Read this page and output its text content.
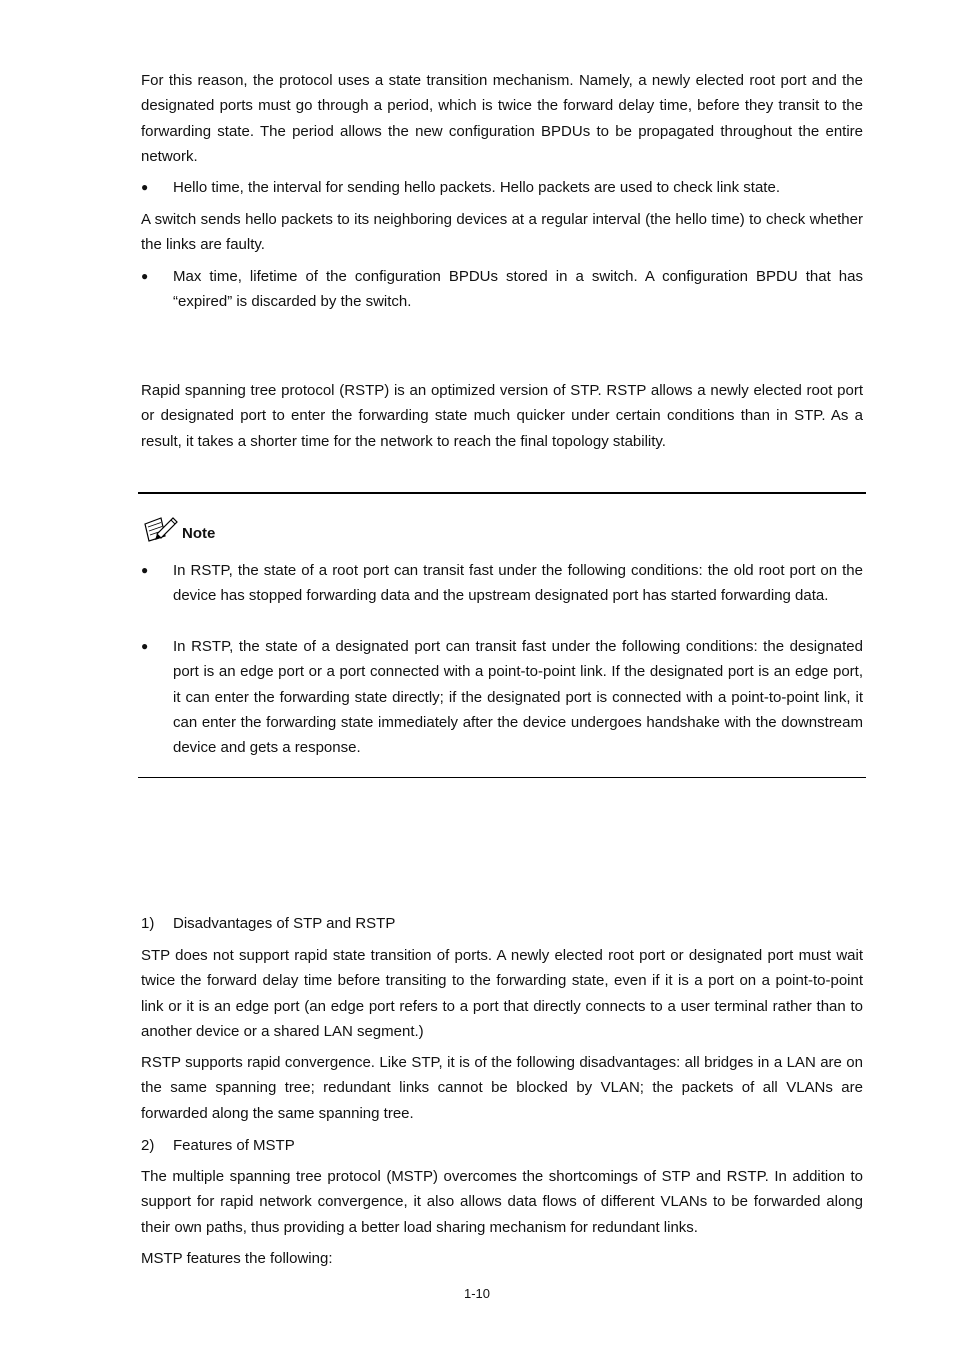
For this reason, the protocol uses a state transition mechanism. Namely, a newly elected root port and the designated ports must go through a period, which is twice the forward delay time, before they transit to the forwarding state. The period allows the new configuration BPDUs to be propagated throughout the entire network.

● Hello time, the interval for sending hello packets. Hello packets are used to check link state.

A switch sends hello packets to its neighboring devices at a regular interval (the hello time) to check whether the links are faulty.

● Max time, lifetime of the configuration BPDUs stored in a switch. A configuration BPDU that has “expired” is discarded by the switch.

Rapid spanning tree protocol (RSTP) is an optimized version of STP. RSTP allows a newly elected root port or designated port to enter the forwarding state much quicker under certain conditions than in STP. As a result, it takes a shorter time for the network to reach the final topology stability.

● In RSTP, the state of a root port can transit fast under the following conditions: the old root port on the device has stopped forwarding data and the upstream designated port has started forwarding data.
● In RSTP, the state of a designated port can transit fast under the following conditions: the designated port is an edge port or a port connected with a point-to-point link. If the designated port is an edge port, it can enter the forwarding state directly; if the designated port is connected with a point-to-point link, it can enter the forwarding state immediately after the device undergoes handshake with the downstream device and gets a response.
1) Disadvantages of STP and RSTP

STP does not support rapid state transition of ports. A newly elected root port or designated port must wait twice the forward delay time before transiting to the forwarding state, even if it is a port on a point-to-point link or it is an edge port (an edge port refers to a port that directly connects to a user terminal rather than to another device or a shared LAN segment.)

RSTP supports rapid convergence. Like STP, it is of the following disadvantages: all bridges in a LAN are on the same spanning tree; redundant links cannot be blocked by VLAN; the packets of all VLANs are forwarded along the same spanning tree.

2) Features of MSTP

The multiple spanning tree protocol (MSTP) overcomes the shortcomings of STP and RSTP. In addition to support for rapid network convergence, it also allows data flows of different VLANs to be forwarded along their own paths, thus providing a better load sharing mechanism for redundant links.

MSTP features the following:

Note
1-10
